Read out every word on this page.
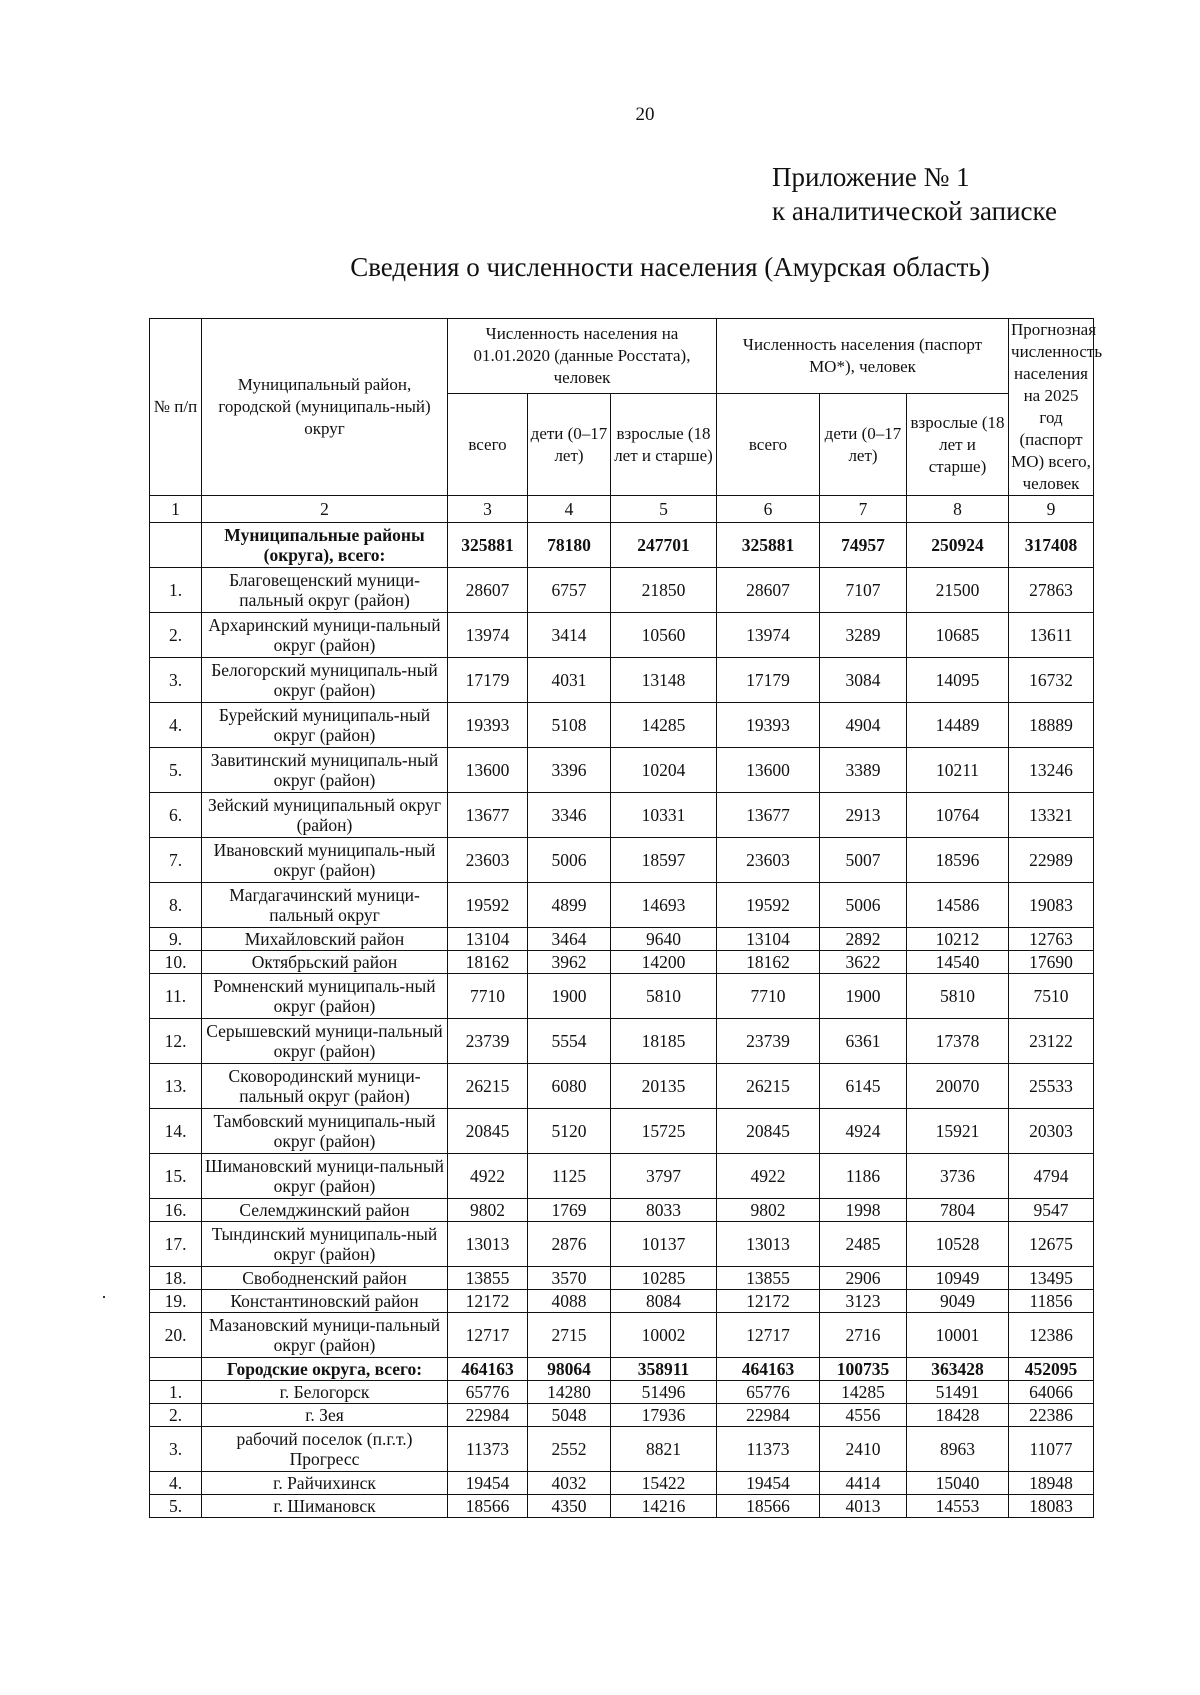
20
Приложение № 1
к аналитической записке
Сведения о численности населения (Амурская область)
№ п/п	Муниципальный район, городской (муниципаль-ный) округ	Численность населения на 01.01.2020 (данные Росстата), человек			Численность населения (паспорт МО*), человек			Прогнозная численность населения на 2025 год (паспорт МО) всего, человек
		всего	дети (0–17 лет)	взрослые (18 лет и старше)	всего	дети (0–17 лет)	взрослые (18 лет и старше)	
1	2	3	4	5	6	7	8	9
	Муниципальные районы (округа), всего:	325881	78180	247701	325881	74957	250924	317408
1.	Благовещенский муници-пальный округ (район)	28607	6757	21850	28607	7107	21500	27863
2.	Архаринский муници-пальный округ (район)	13974	3414	10560	13974	3289	10685	13611
3.	Белогорский муниципаль-ный округ (район)	17179	4031	13148	17179	3084	14095	16732
4.	Бурейский муниципаль-ный округ (район)	19393	5108	14285	19393	4904	14489	18889
5.	Завитинский муниципаль-ный округ (район)	13600	3396	10204	13600	3389	10211	13246
6.	Зейский муниципальный округ (район)	13677	3346	10331	13677	2913	10764	13321
7.	Ивановский муниципаль-ный округ (район)	23603	5006	18597	23603	5007	18596	22989
8.	Магдагачинский муници-пальный округ	19592	4899	14693	19592	5006	14586	19083
9.	Михайловский район	13104	3464	9640	13104	2892	10212	12763
10.	Октябрьский район	18162	3962	14200	18162	3622	14540	17690
11.	Ромненский муниципаль-ный округ (район)	7710	1900	5810	7710	1900	5810	7510
12.	Серышевский муници-пальный округ (район)	23739	5554	18185	23739	6361	17378	23122
13.	Сковородинский муници-пальный округ (район)	26215	6080	20135	26215	6145	20070	25533
14.	Тамбовский муниципаль-ный округ (район)	20845	5120	15725	20845	4924	15921	20303
15.	Шимановский муници-пальный округ (район)	4922	1125	3797	4922	1186	3736	4794
16.	Селемджинский район	9802	1769	8033	9802	1998	7804	9547
17.	Тындинский муниципаль-ный округ (район)	13013	2876	10137	13013	2485	10528	12675
18.	Свободненский район	13855	3570	10285	13855	2906	10949	13495
19.	Константиновский район	12172	4088	8084	12172	3123	9049	11856
20.	Мазановский муници-пальный округ (район)	12717	2715	10002	12717	2716	10001	12386
	Городские округа, всего:	464163	98064	358911	464163	100735	363428	452095
1.	г. Белогорск	65776	14280	51496	65776	14285	51491	64066
2.	г. Зея	22984	5048	17936	22984	4556	18428	22386
3.	рабочий поселок (п.г.т.) Прогресс	11373	2552	8821	11373	2410	8963	11077
4.	г. Райчихинск	19454	4032	15422	19454	4414	15040	18948
5.	г. Шимановск	18566	4350	14216	18566	4013	14553	18083
